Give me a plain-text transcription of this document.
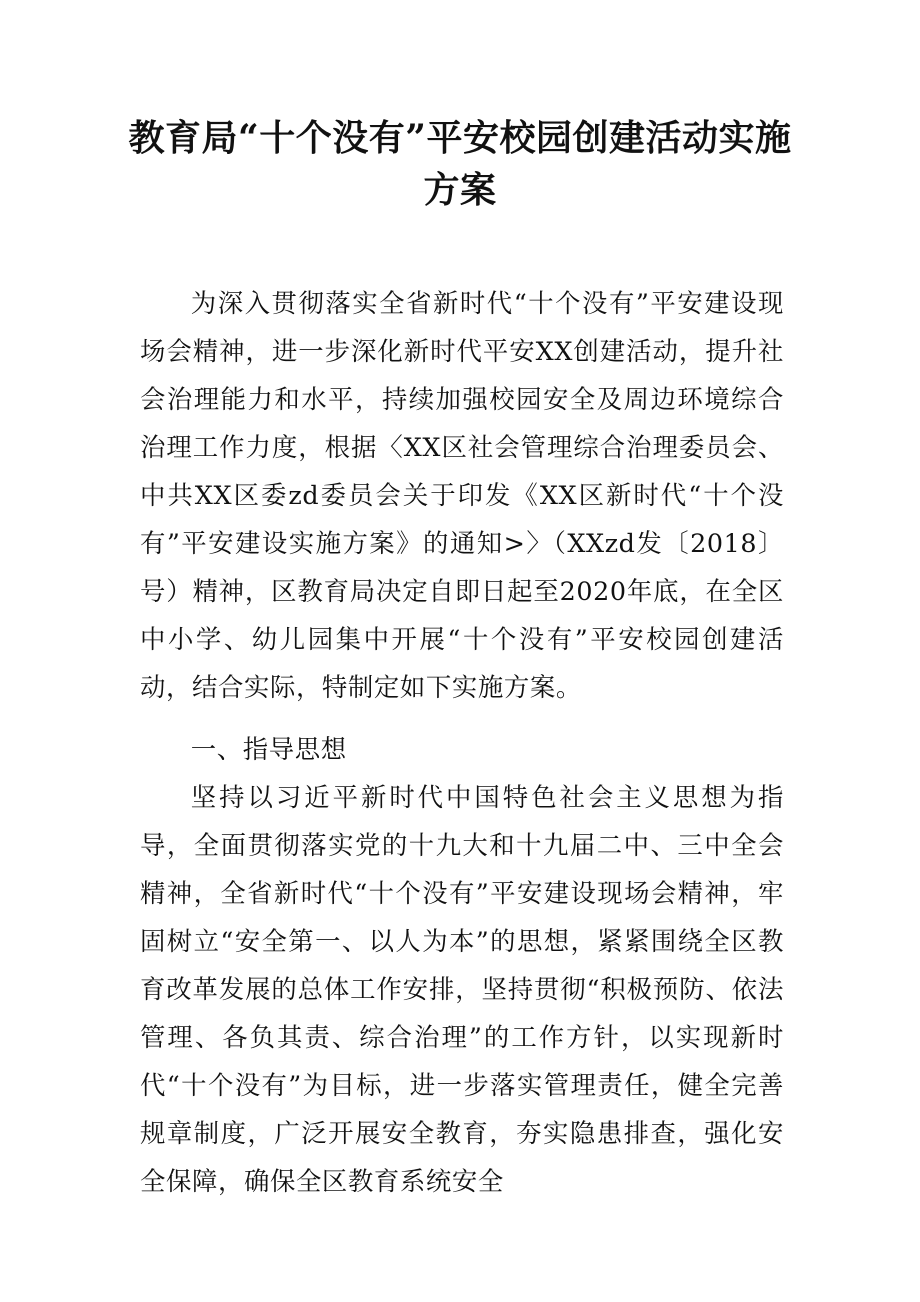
教育局“十个没有”平安校园创建活动实施方案

为深入贯彻落实全省新时代“十个没有”平安建设现场会精神，进一步深化新时代平安XX创建活动，提升社会治理能力和水平，持续加强校园安全及周边环境综合治理工作力度，根据〈XX区社会管理综合治理委员会、中共XX区委zd委员会关于印发《XX区新时代“十个没有”平安建设实施方案》的通知>〉（XXzd发〔2018〕 号）精神，区教育局决定自即日起至2020年底，在全区中小学、幼儿园集中开展“十个没有”平安校园创建活动，结合实际，特制定如下实施方案。

一、指导思想

坚持以习近平新时代中国特色社会主义思想为指导，全面贯彻落实党的十九大和十九届二中、三中全会精神，全省新时代“十个没有”平安建设现场会精神，牢固树立“安全第一、以人为本”的思想，紧紧围绕全区教育改革发展的总体工作安排，坚持贯彻“积极预防、依法管理、各负其责、综合治理”的工作方针，以实现新时代“十个没有”为目标，进一步落实管理责任，健全完善规章制度，广泛开展安全教育，夯实隐患排查，强化安全保障，确保全区教育系统安全
